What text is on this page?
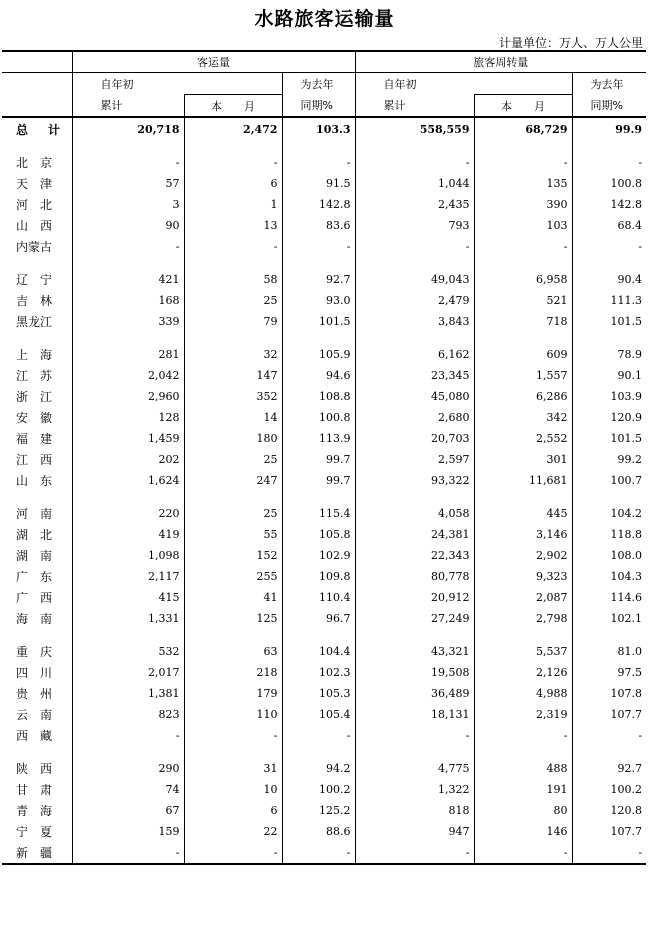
水路旅客运输量
计量单位：万人、万人公里
	客运量			旅客周转量		
	自年初		为去年	自年初		为去年
	累计	本　　月	同期%	累计	本　　月	同期%
总计	20,718	2,472	103.3	558,559	68,729	99.9

北京	-	-	-	-	-	-
天津	57	6	91.5	1,044	135	100.8
河北	3	1	142.8	2,435	390	142.8
山西	90	13	83.6	793	103	68.4
内蒙古	-	-	-	-	-	-

辽宁	421	58	92.7	49,043	6,958	90.4
吉林	168	25	93.0	2,479	521	111.3
黑龙江	339	79	101.5	3,843	718	101.5

上海	281	32	105.9	6,162	609	78.9
江苏	2,042	147	94.6	23,345	1,557	90.1
浙江	2,960	352	108.8	45,080	6,286	103.9
安徽	128	14	100.8	2,680	342	120.9
福建	1,459	180	113.9	20,703	2,552	101.5
江西	202	25	99.7	2,597	301	99.2
山东	1,624	247	99.7	93,322	11,681	100.7

河南	220	25	115.4	4,058	445	104.2
湖北	419	55	105.8	24,381	3,146	118.8
湖南	1,098	152	102.9	22,343	2,902	108.0
广东	2,117	255	109.8	80,778	9,323	104.3
广西	415	41	110.4	20,912	2,087	114.6
海南	1,331	125	96.7	27,249	2,798	102.1

重庆	532	63	104.4	43,321	5,537	81.0
四川	2,017	218	102.3	19,508	2,126	97.5
贵州	1,381	179	105.3	36,489	4,988	107.8
云南	823	110	105.4	18,131	2,319	107.7
西藏	-	-	-	-	-	-

陕西	290	31	94.2	4,775	488	92.7
甘肃	74	10	100.2	1,322	191	100.2
青海	67	6	125.2	818	80	120.8
宁夏	159	22	88.6	947	146	107.7
新疆	-	-	-	-	-	-
